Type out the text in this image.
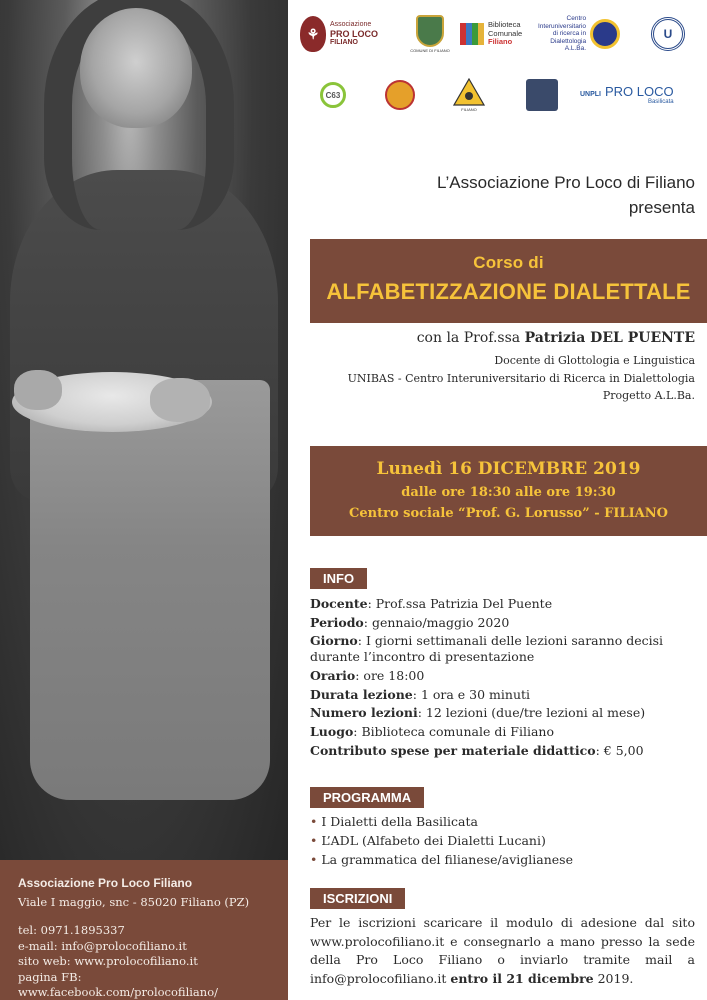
Associazione Pro Loco Filiano
Viale I maggio, snc - 85020 Filiano (PZ)
tel: 0971.1895337
e-mail: info@prolocofiliano.it
sito web: www.prolocofiliano.it
pagina FB: www.facebook.com/prolocofiliano/
⚘
Associazione
PRO LOCO
FILIANO
COMUNE DI FILIANO
Biblioteca
Comunale
Filiano
Centro
Interuniversitario
di ricerca in
Dialettologia
A.L.Ba.
U
C63
FILIANO
UNPLI PRO LOCO
Basilicata
L’Associazione Pro Loco di Filiano
presenta
Corso di
ALFABETIZZAZIONE DIALETTALE
con la Prof.ssa Patrizia DEL PUENTE
Docente di Glottologia e Linguistica
UNIBAS - Centro Interuniversitario di Ricerca in Dialettologia
Progetto A.L.Ba.
Lunedì 16 DICEMBRE 2019
dalle ore 18:30 alle ore 19:30
Centro sociale “Prof. G. Lorusso” - FILIANO
INFO
Docente: Prof.ssa Patrizia Del Puente
Periodo: gennaio/maggio 2020
Giorno: I giorni settimanali delle lezioni saranno decisi durante l’incontro di presentazione
Orario: ore 18:00
Durata lezione: 1 ora e 30 minuti
Numero lezioni: 12 lezioni (due/tre lezioni al mese)
Luogo: Biblioteca comunale di Filiano
Contributo spese per materiale didattico: € 5,00
PROGRAMMA
• I Dialetti della Basilicata
• L’ADL (Alfabeto dei Dialetti Lucani)
• La grammatica del filianese/aviglianese
ISCRIZIONI
Per le iscrizioni scaricare il modulo di adesione dal sito www.prolocofiliano.it e consegnarlo a mano presso la sede della Pro Loco Filiano o inviarlo tramite mail a info@prolocofiliano.it entro il 21 dicembre 2019.
